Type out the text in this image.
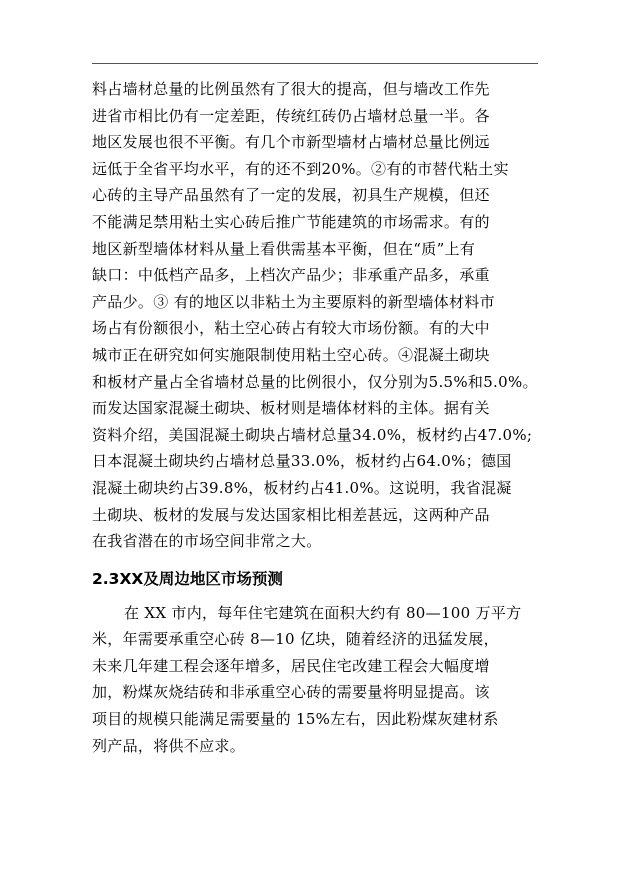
料占墙材总量的比例虽然有了很大的提高，但与墙改工作先
进省市相比仍有一定差距，传统红砖仍占墙材总量一半。各
地区发展也很不平衡。有几个市新型墙材占墙材总量比例远
远低于全省平均水平，有的还不到20%。②有的市替代粘土实
心砖的主导产品虽然有了一定的发展，初具生产规模，但还
不能满足禁用粘土实心砖后推广节能建筑的市场需求。有的
地区新型墙体材料从量上看供需基本平衡，但在“质”上有
缺口：中低档产品多，上档次产品少；非承重产品多，承重
产品少。③ 有的地区以非粘土为主要原料的新型墙体材料市
场占有份额很小，粘土空心砖占有较大市场份额。有的大中
城市正在研究如何实施限制使用粘土空心砖。④混凝土砌块
和板材产量占全省墙材总量的比例很小，仅分别为5.5%和5.0%。
而发达国家混凝土砌块、板材则是墙体材料的主体。据有关
资料介绍，美国混凝土砌块占墙材总量34.0%，板材约占47.0%;
日本混凝土砌块约占墙材总量33.0%，板材约占64.0%；德国
混凝土砌块约占39.8%，板材约占41.0%。这说明，我省混凝
土砌块、板材的发展与发达国家相比相差甚远，这两种产品
在我省潜在的市场空间非常之大。
2.3XX及周边地区市场预测
在 XX 市内，每年住宅建筑在面积大约有 80—100 万平方
米，年需要承重空心砖 8—10 亿块，随着经济的迅猛发展，
未来几年建工程会逐年增多，居民住宅改建工程会大幅度增
加，粉煤灰烧结砖和非承重空心砖的需要量将明显提高。该
项目的规模只能满足需要量的 15%左右，因此粉煤灰建材系
列产品，将供不应求。
